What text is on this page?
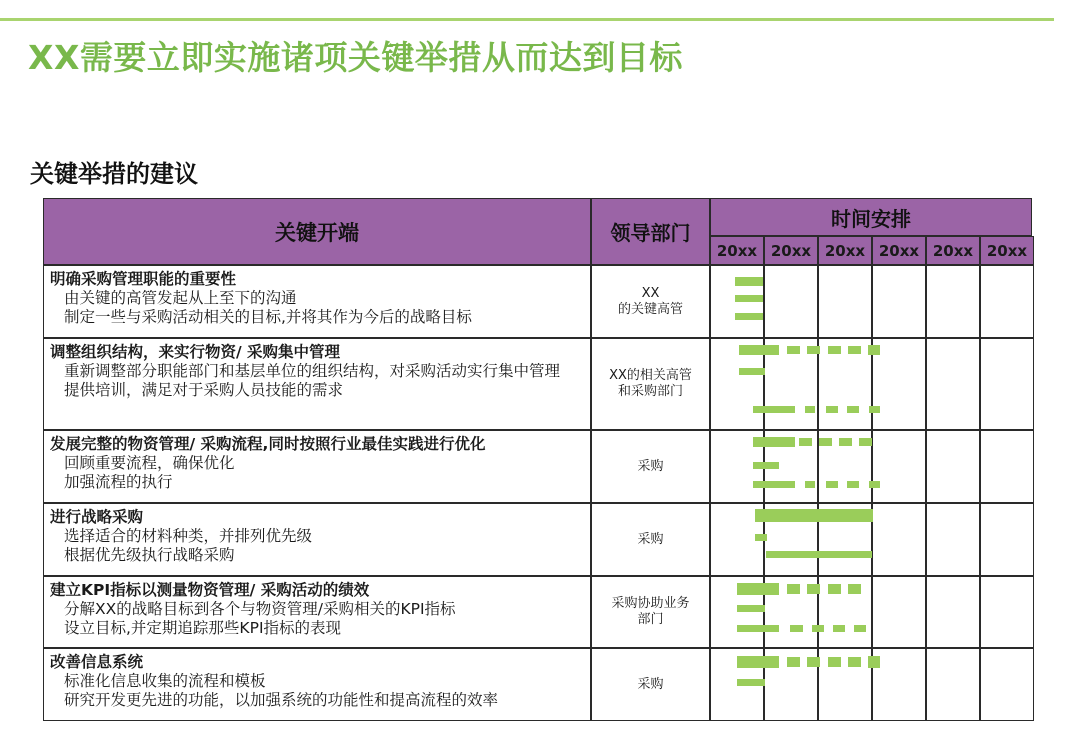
XX需要立即实施诸项关键举措从而达到目标
关键举措的建议
关键开端	领导部门
时间安排
20xx 20xx 20xx 20xx 20xx 20xx
明确采购管理职能的重要性
由关键的高管发起从上至下的沟通
制定一些与采购活动相关的目标,并将其作为今后的战略目标
XX
的关键高管
调整组织结构，来实行物资/ 采购集中管理
重新调整部分职能部门和基层单位的组织结构，对采购活动实行集中管理
提供培训，满足对于采购人员技能的需求
XX的相关高管
和采购部门
发展完整的物资管理/ 采购流程,同时按照行业最佳实践进行优化
回顾重要流程，确保优化
加强流程的执行
采购
进行战略采购
选择适合的材料种类，并排列优先级
根据优先级执行战略采购
采购
建立KPI指标以测量物资管理/ 采购活动的绩效
分解XX的战略目标到各个与物资管理/采购相关的KPI指标
设立目标,并定期追踪那些KPI指标的表现
采购协助业务
部门
改善信息系统
标准化信息收集的流程和模板
研究开发更先进的功能，以加强系统的功能性和提高流程的效率
采购
